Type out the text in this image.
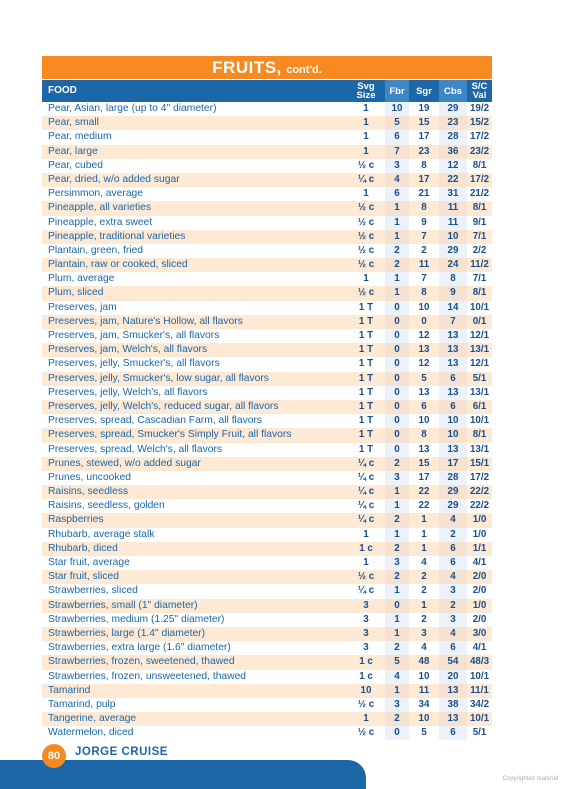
FRUITS, cont'd.
FOOD	Svg Size	Fbr	Sgr	Cbs	S/C Val
Pear, Asian, large (up to 4" diameter)	1	10	19	29	19/2
Pear, small	1	5	15	23	15/2
Pear, medium	1	6	17	28	17/2
Pear, large	1	7	23	36	23/2
Pear, cubed	½ c	3	8	12	8/1
Pear, dried, w/o added sugar	¼ c	4	17	22	17/2
Persimmon, average	1	6	21	31	21/2
Pineapple, all varieties	½ c	1	8	11	8/1
Pineapple, extra sweet	½ c	1	9	11	9/1
Pineapple, traditional varieties	½ c	1	7	10	7/1
Plantain, green, fried	½ c	2	2	29	2/2
Plantain, raw or cooked, sliced	½ c	2	11	24	11/2
Plum, average	1	1	7	8	7/1
Plum, sliced	½ c	1	8	9	8/1
Preserves, jam	1 T	0	10	14	10/1
Preserves, jam, Nature's Hollow, all flavors	1 T	0	0	7	0/1
Preserves, jam, Smucker's, all flavors	1 T	0	12	13	12/1
Preserves, jam, Welch's, all flavors	1 T	0	13	13	13/1
Preserves, jelly, Smucker's, all flavors	1 T	0	12	13	12/1
Preserves, jelly, Smucker's, low sugar, all flavors	1 T	0	5	6	5/1
Preserves, jelly, Welch's, all flavors	1 T	0	13	13	13/1
Preserves, jelly, Welch's, reduced sugar, all flavors	1 T	0	6	6	6/1
Preserves, spread, Cascadian Farm, all flavors	1 T	0	10	10	10/1
Preserves, spread, Smucker's Simply Fruit, all flavors	1 T	0	8	10	8/1
Preserves, spread, Welch's, all flavors	1 T	0	13	13	13/1
Prunes, stewed, w/o added sugar	¼ c	2	15	17	15/1
Prunes, uncooked	¼ c	3	17	28	17/2
Raisins, seedless	¼ c	1	22	29	22/2
Raisins, seedless, golden	¼ c	1	22	29	22/2
Raspberries	¼ c	2	1	4	1/0
Rhubarb, average stalk	1	1	1	2	1/0
Rhubarb, diced	1 c	2	1	6	1/1
Star fruit, average	1	3	4	6	4/1
Star fruit, sliced	½ c	2	2	4	2/0
Strawberries, sliced	¼ c	1	2	3	2/0
Strawberries, small (1" diameter)	3	0	1	2	1/0
Strawberries, medium (1.25" diameter)	3	1	2	3	2/0
Strawberries, large (1.4" diameter)	3	1	3	4	3/0
Strawberries, extra large (1.6" diameter)	3	2	4	6	4/1
Strawberries, frozen, sweetened, thawed	1 c	5	48	54	48/3
Strawberries, frozen, unsweetened, thawed	1 c	4	10	20	10/1
Tamarind	10	1	11	13	11/1
Tamarind, pulp	½ c	3	34	38	34/2
Tangerine, average	1	2	10	13	10/1
Watermelon, diced	½ c	0	5	6	5/1
80	JORGE CRUISE
Copyrighted material
